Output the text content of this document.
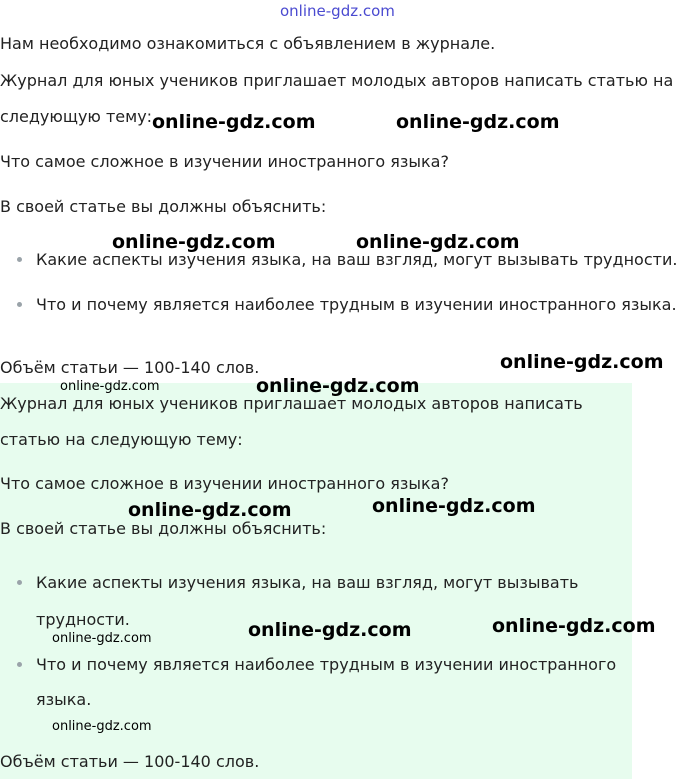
online-gdz.com
Нам необходимо ознакомиться с объявлением в журнале.
Журнал для юных учеников приглашает молодых авторов написать статью на
следующую тему:
Что самое сложное в изучении иностранного языка?
В своей статье вы должны объяснить:
Какие аспекты изучения языка, на ваш взгляд, могут вызывать трудности.
Что и почему является наиболее трудным в изучении иностранного языка.
Объём статьи — 100-140 слов.
Журнал для юных учеников приглашает молодых авторов написать
статью на следующую тему:
Что самое сложное в изучении иностранного языка?
В своей статье вы должны объяснить:
Какие аспекты изучения языка, на ваш взгляд, могут вызывать
трудности.
Что и почему является наиболее трудным в изучении иностранного
языка.
Объём статьи — 100-140 слов.
online-gdz.com	online-gdz.com
online-gdz.com	online-gdz.com
online-gdz.com
online-gdz.com	online-gdz.com
online-gdz.com	online-gdz.com
online-gdz.com	online-gdz.com	online-gdz.com
online-gdz.com
